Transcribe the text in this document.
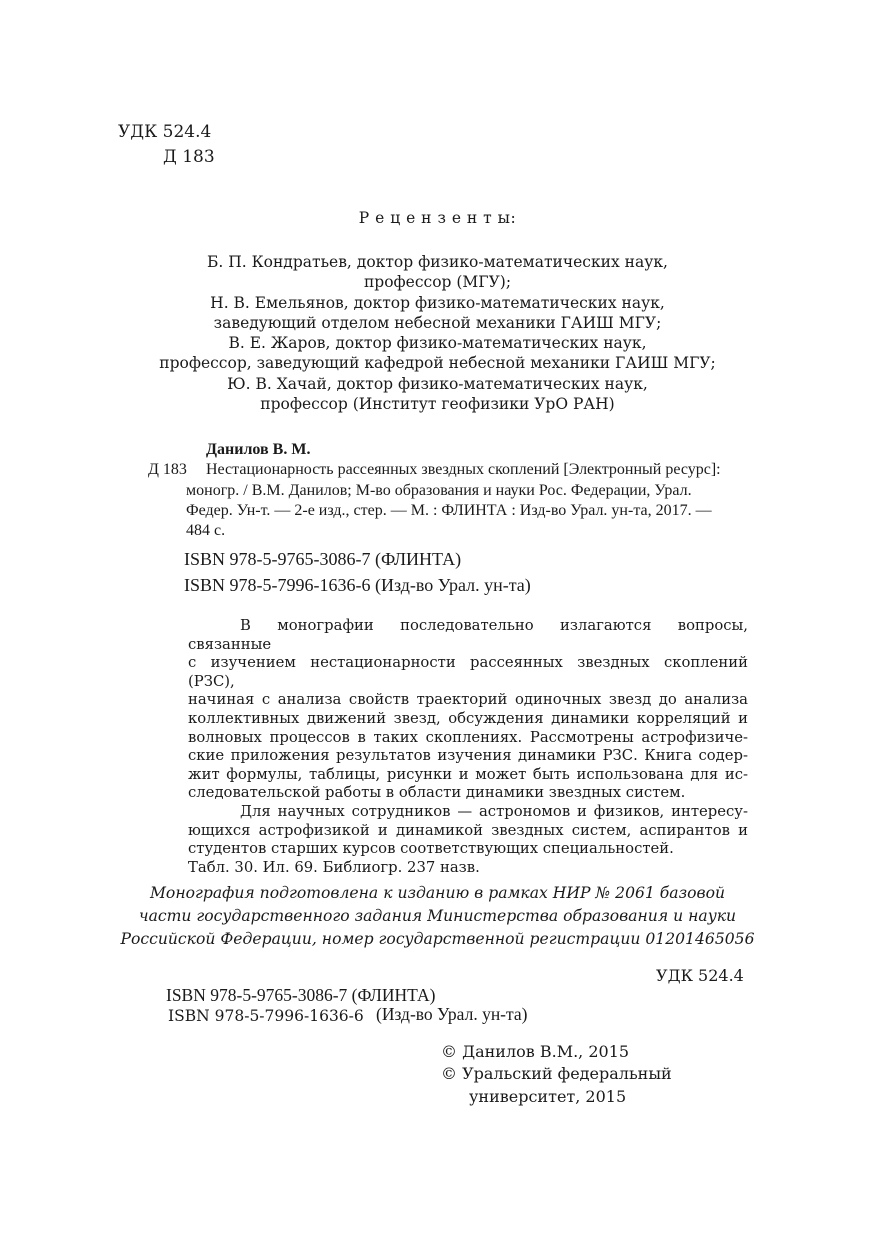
УДК 524.4
Д 183
Р е ц е н з е н т ы:
Б. П. Кондратьев, доктор физико-математических наук,
профессор (МГУ);
Н. В. Емельянов, доктор физико-математических наук,
заведующий отделом небесной механики ГАИШ МГУ;
В. Е. Жаров, доктор физико-математических наук,
профессор, заведующий кафедрой небесной механики ГАИШ МГУ;
Ю. В. Хачай, доктор физико-математических наук,
профессор (Институт геофизики УрО РАН)
Данилов В. М.
Д 183 Нестационарность рассеянных звездных скоплений [Электронный ресурс]:
моногр. / В.М. Данилов; М-во образования и науки Рос. Федерации, Урал.
Федер. Ун-т. — 2-е изд., стер. — М. : ФЛИНТА : Изд-во Урал. ун-та, 2017. —
484 с.
ISBN 978-5-9765-3086-7 (ФЛИНТА)
ISBN 978-5-7996-1636-6 (Изд-во Урал. ун-та)

В монографии последовательно излагаются вопросы, связанные

с изучением нестационарности рассеянных звездных скоплений (РЗС),

начиная с анализа свойств траекторий одиночных звезд до анализа

коллективных движений звезд, обсуждения динамики корреляций и

волновых процессов в таких скоплениях. Рассмотрены астрофизиче-

ские приложения результатов изучения динамики РЗС. Книга содер-

жит формулы, таблицы, рисунки и может быть использована для ис-

следовательской работы в области динамики звездных систем.

Для научных сотрудников — астрономов и физиков, интересу-

ющихся астрофизикой и динамикой звездных систем, аспирантов и

студентов старших курсов соответствующих специальностей.

Табл. 30. Ил. 69. Библиогр. 237 назв.

Монография подготовлена к изданию в рамках НИР № 2061 базовой
части государственного задания Министерства образования и науки
Российской Федерации, номер государственной регистрации 01201465056
УДК 524.4
ISBN 978-5-9765-3086-7 (ФЛИНТА)
ISBN 978-5-7996-1636-6 (Изд-во Урал. ун-та)
© Данилов В.М., 2015
© Уральский федеральный
университет, 2015
